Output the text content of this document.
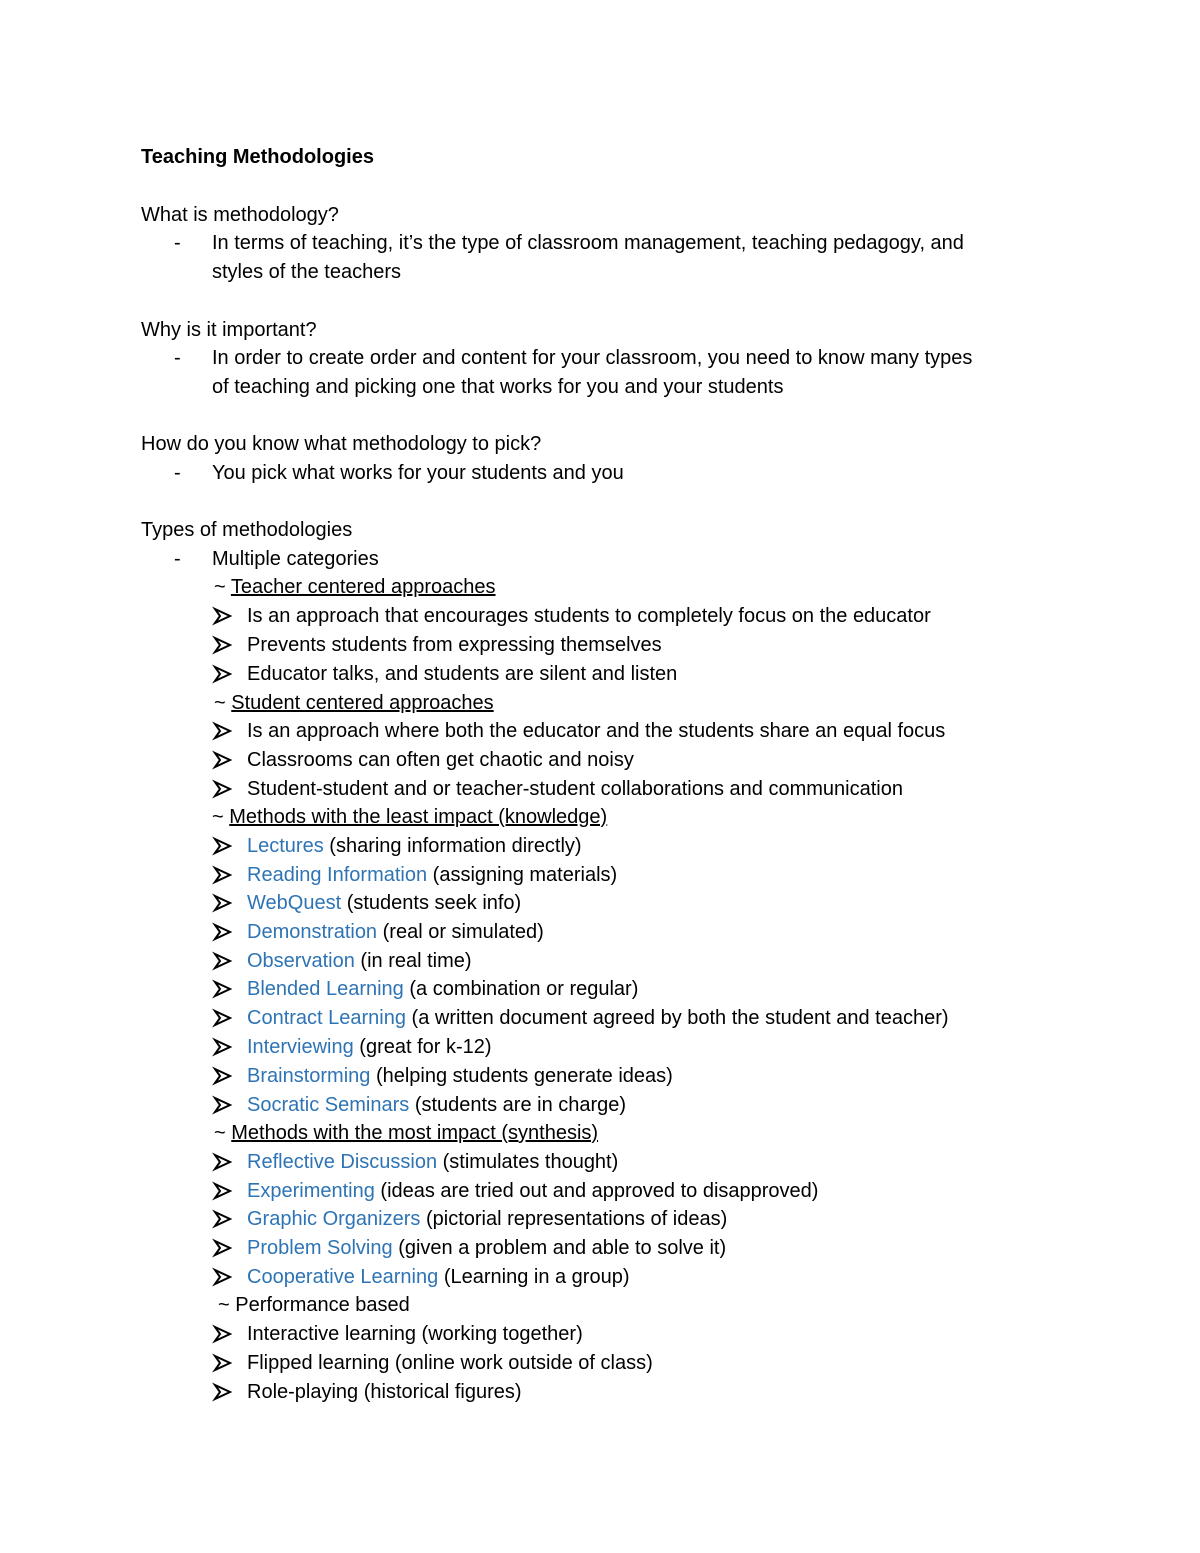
Teaching Methodologies
What is methodology?
- In terms of teaching, it’s the type of classroom management, teaching pedagogy, and
styles of the teachers
Why is it important?
- In order to create order and content for your classroom, you need to know many types
of teaching and picking one that works for you and your students
How do you know what methodology to pick?
- You pick what works for your students and you
Types of methodologies
- Multiple categories
~ Teacher centered approaches
Is an approach that encourages students to completely focus on the educator
Prevents students from expressing themselves
Educator talks, and students are silent and listen
~ Student centered approaches
Is an approach where both the educator and the students share an equal focus
Classrooms can often get chaotic and noisy
Student-student and or teacher-student collaborations and communication
~ Methods with the least impact (knowledge)
Lectures (sharing information directly)
Reading Information (assigning materials)
WebQuest (students seek info)
Demonstration (real or simulated)
Observation (in real time)
Blended Learning (a combination or regular)
Contract Learning (a written document agreed by both the student and teacher)
Interviewing (great for k-12)
Brainstorming (helping students generate ideas)
Socratic Seminars (students are in charge)
~ Methods with the most impact (synthesis)
Reflective Discussion (stimulates thought)
Experimenting (ideas are tried out and approved to disapproved)
Graphic Organizers (pictorial representations of ideas)
Problem Solving (given a problem and able to solve it)
Cooperative Learning (Learning in a group)
~ Performance based
Interactive learning (working together)
Flipped learning (online work outside of class)
Role-playing (historical figures)
